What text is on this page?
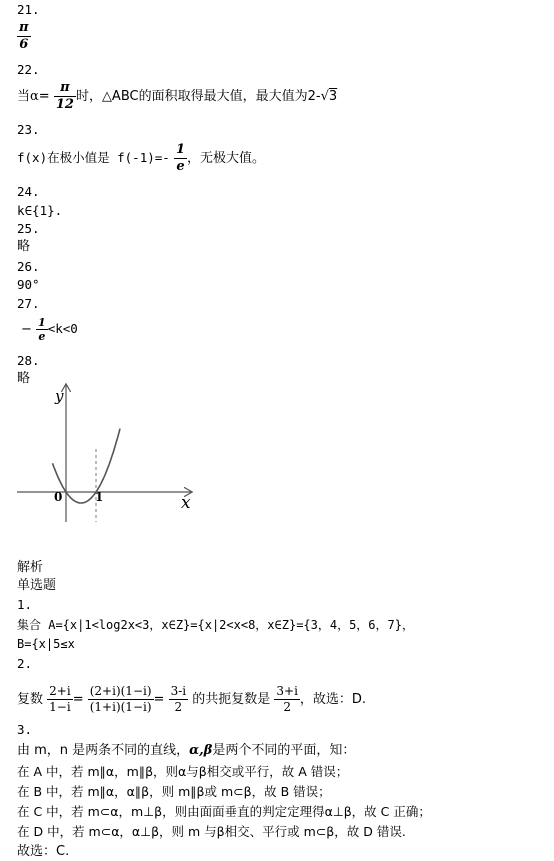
21.
$\frac{\pi}{6}$
22.
当$\alpha= \frac{\pi}{12}$ 时，△ABC的面积取得最大值，最大值为2-√3
23.
f(x)在极小值是 $f(-1)=- \frac{1}{e}$ ，无极大值。
24.
k∈{1}.
25.
略
26.
90°
27.
− $\frac{1}{e} <k<0$
28.
略
y
x
0	1
解析
单选题
1.
集合 A={x|1<log2x<3，x∈Z}={x|2<x<8，x∈Z}={3，4，5，6，7}，
B={x|5≤x
2.
复数 $\frac{2+i}{1-i} = \frac{(2+i)(1-i)}{(1+i)(1-i)} = \frac{3-i}{2}$ 的共扼复数是 $\frac{3+i}{2}$ ，故选：D.
3.
由 m，n 是两条不同的直线，α,β是两个不同的平面，知：
在 A 中，若 m∥α，m∥β，则α与β相交或平行，故 A 错误；
在 B 中，若 m∥α，α∥β，则 m∥β或 m⊂β，故 B 错误；
在 C 中，若 m⊂α，m⊥β，则由面面垂直的判定定理得α⊥β，故 C 正确；
在 D 中，若 m⊂α，α⊥β，则 m 与β相交、平行或 m⊂β，故 D 错误.
故选：C.
